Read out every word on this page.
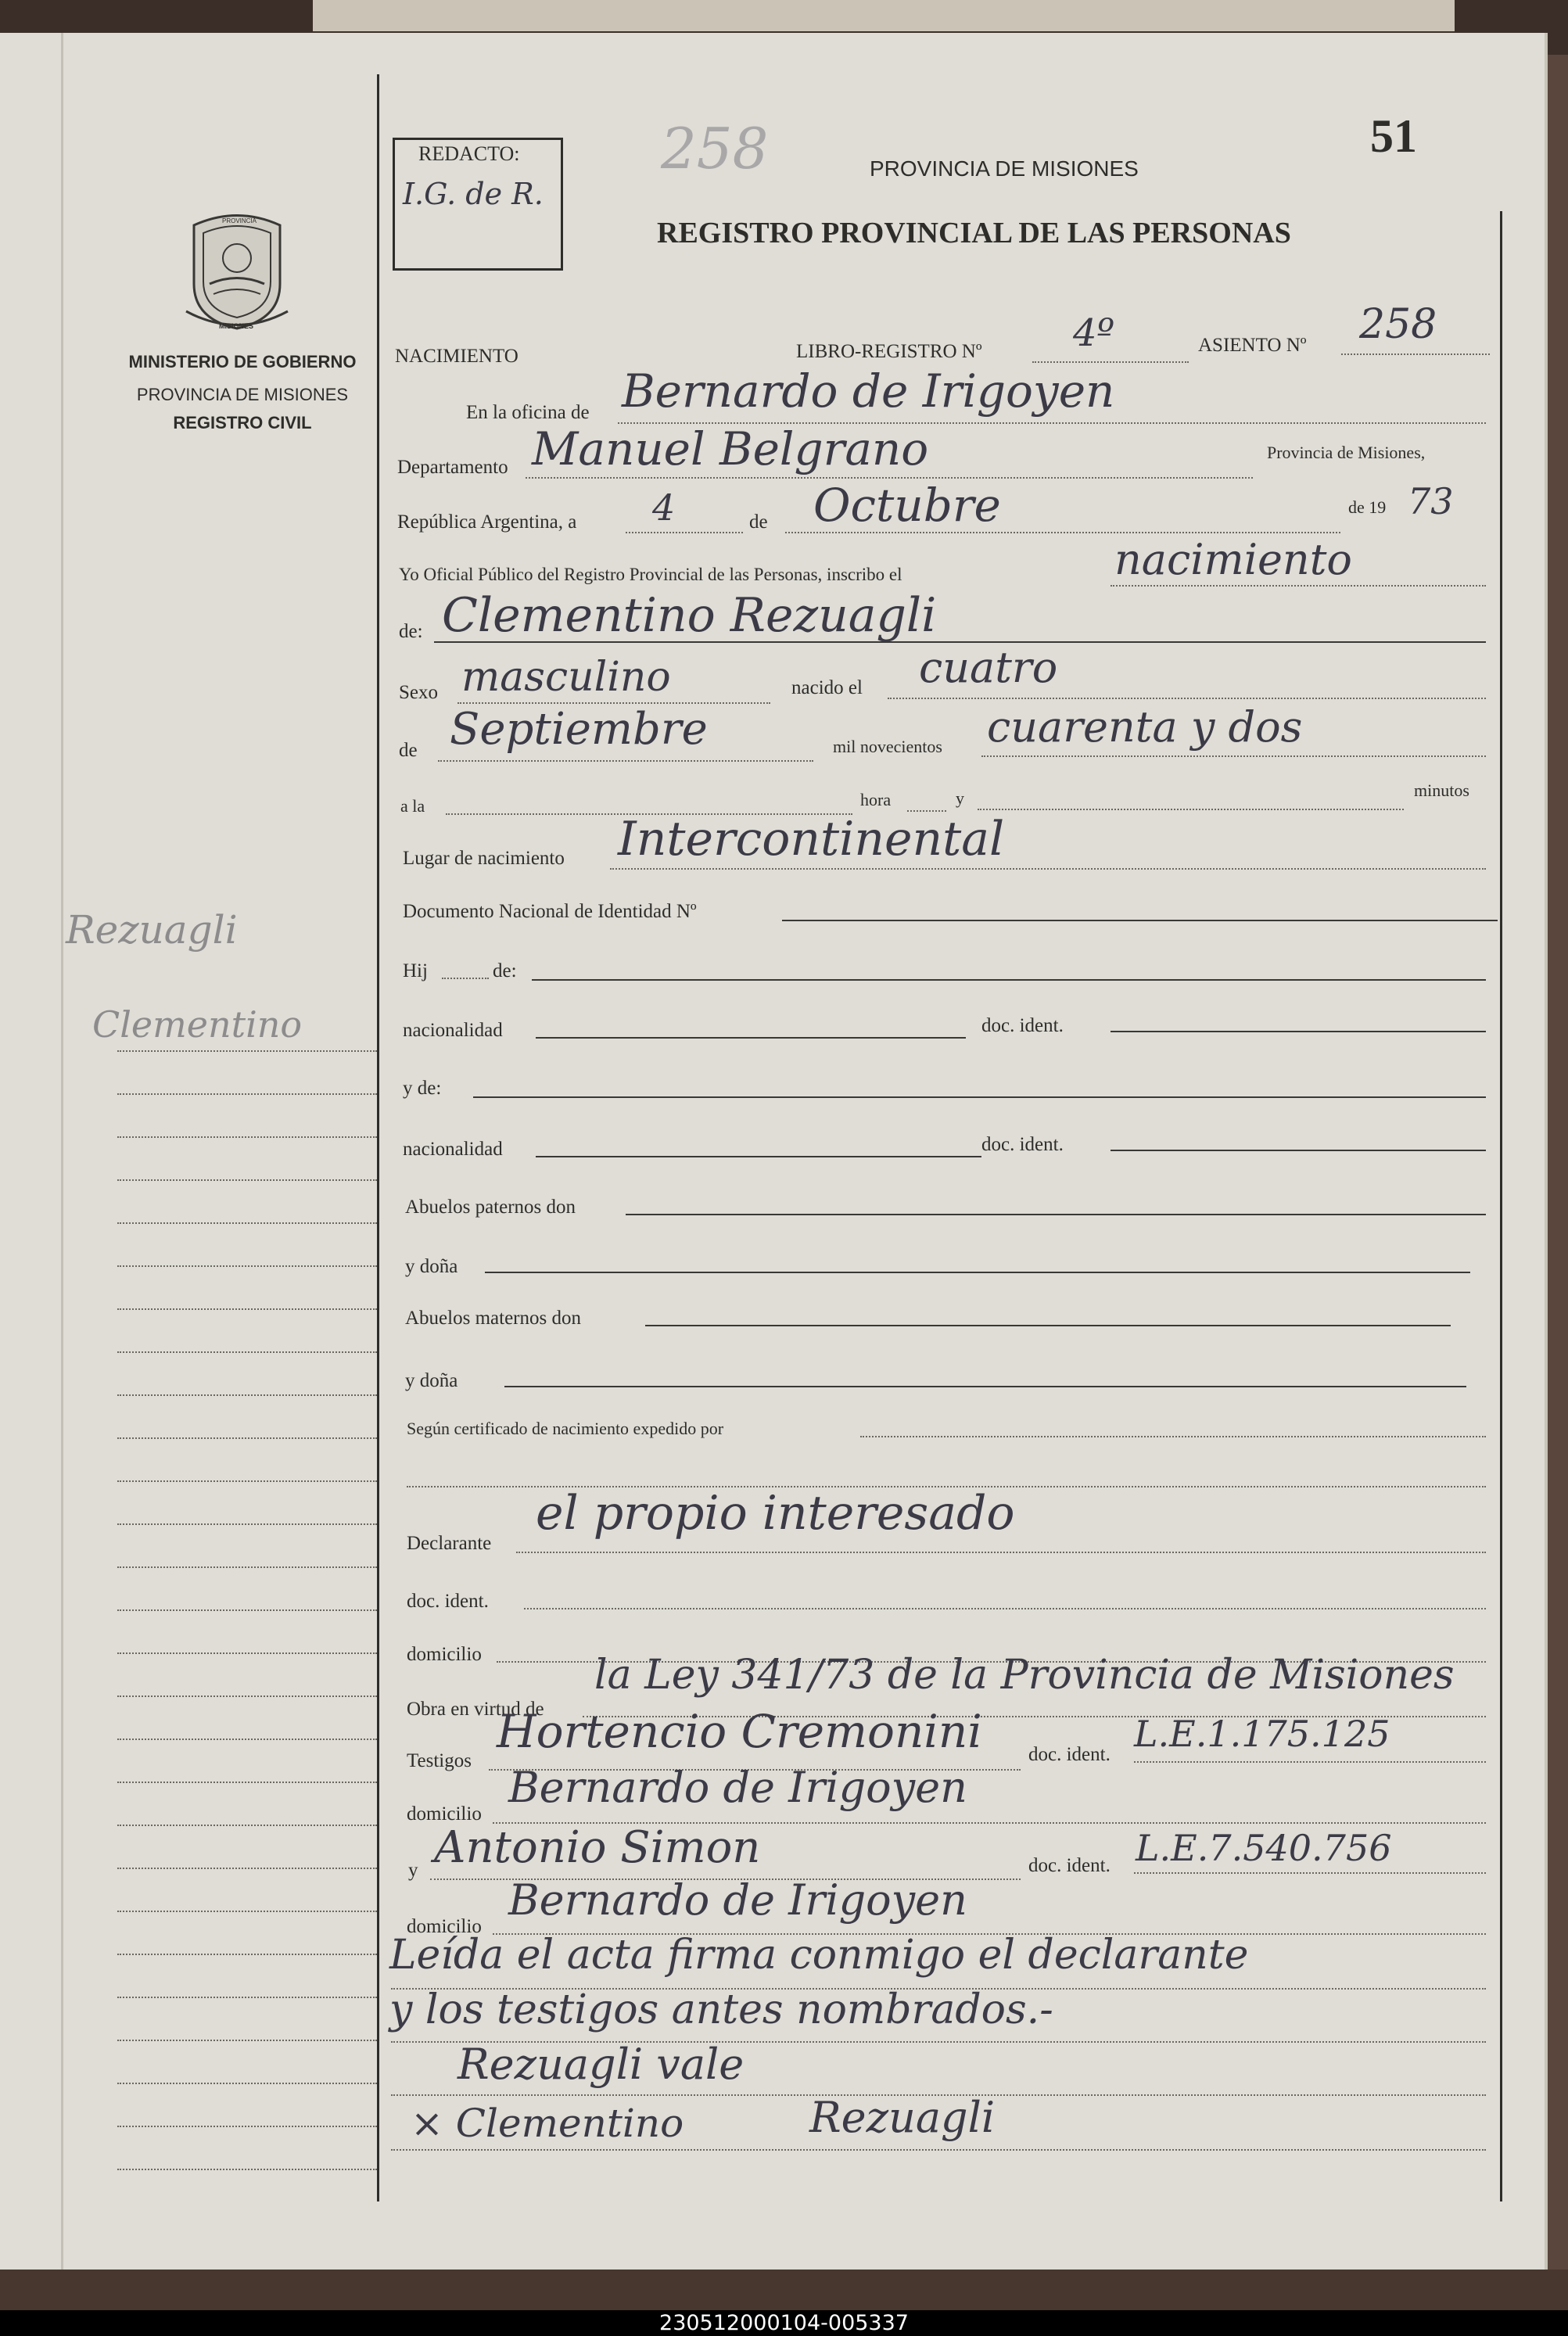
51
258
REDACTO:
I.G. de R.
PROVINCIA DE MISIONES
REGISTRO PROVINCIAL DE LAS PERSONAS
PROVINCIA
MISIONES
MINISTERIO DE GOBIERNO
PROVINCIA DE MISIONES
REGISTRO CIVIL
Rezuagli
Clementino
NACIMIENTO	LIBRO-REGISTRO Nº 4º	ASIENTO Nº 258
En la oficina de Bernardo de Irigoyen
Departamento Manuel Belgrano	Provincia de Misiones,
República Argentina, a 4	de Octubre	de 19 73
Yo Oficial Público del Registro Provincial de las Personas, inscribo el	nacimiento
de: Clementino Rezuagli
Sexo masculino	nacido el cuatro
de Septiembre	mil novecientos cuarenta y dos
a la	hora	y	minutos
Lugar de nacimiento Intercontinental
Documento Nacional de Identidad Nº
Hij	de:
nacionalidad	doc. ident.
y de:
nacionalidad	doc. ident.
Abuelos paternos don
y doña
Abuelos maternos don
y doña
Según certificado de nacimiento expedido por
Declarante
el propio interesado
doc. ident.
domicilio
Obra en virtud de
la Ley 341/73 de la Provincia de Misiones
Testigos
Hortencio Cremonini doc. ident. L.E.1.175.125
domicilio
Bernardo de Irigoyen
y Antonio Simon	doc. ident. L.E.7.540.756
domicilio
Bernardo de Irigoyen
Leída el acta firma conmigo el declarante
y los testigos antes nombrados.-
Rezuagli vale
× Clementino	Rezuagli
230512000104-005337
